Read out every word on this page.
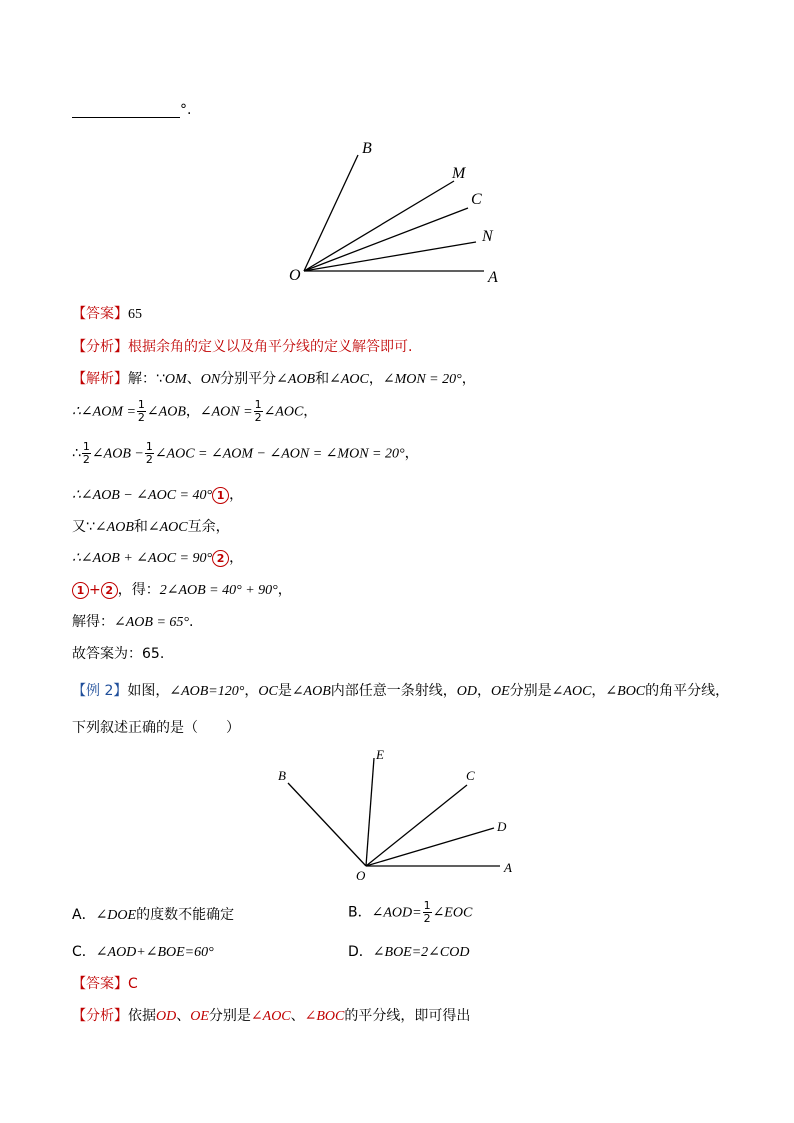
°.
B
M
C
N
O	A
【答案】65
【分析】根据余角的定义以及角平分线的定义解答即可.
【解析】解：∵OM、ON分别平分∠AOB和∠AOC，∠MON = 20°，
∴∠AOM = $\frac{1}{2}$ ∠AOB，∠AON = $\frac{1}{2}$ ∠AOC，
∴ $\frac{1}{2}$ ∠AOB − $\frac{1}{2}$ ∠AOC = ∠AOM − ∠AON = ∠MON = 20°，
∴∠AOB − ∠AOC = 40° 1 ，
又∵∠AOB和∠AOC互余，
∴∠AOB + ∠AOC = 90° 2 ，
1 + 2 ，得：2∠AOB = 40° + 90°，
解得：∠AOB = 65°.
故答案为：65.
【例 2】如图，∠AOB=120°，OC是∠AOB内部任意一条射线，OD，OE分别是∠AOC，∠BOC的角平分线，
下列叙述正确的是（　　）
B
E
C
D
O
A
A．∠DOE的度数不能确定	B．∠AOD= $\frac{1}{2}$ ∠EOC
C．∠AOD+∠BOE=60°	D．∠BOE=2∠COD
【答案】C
【分析】依据OD、OE分别是∠AOC、∠BOC的平分线，即可得出
